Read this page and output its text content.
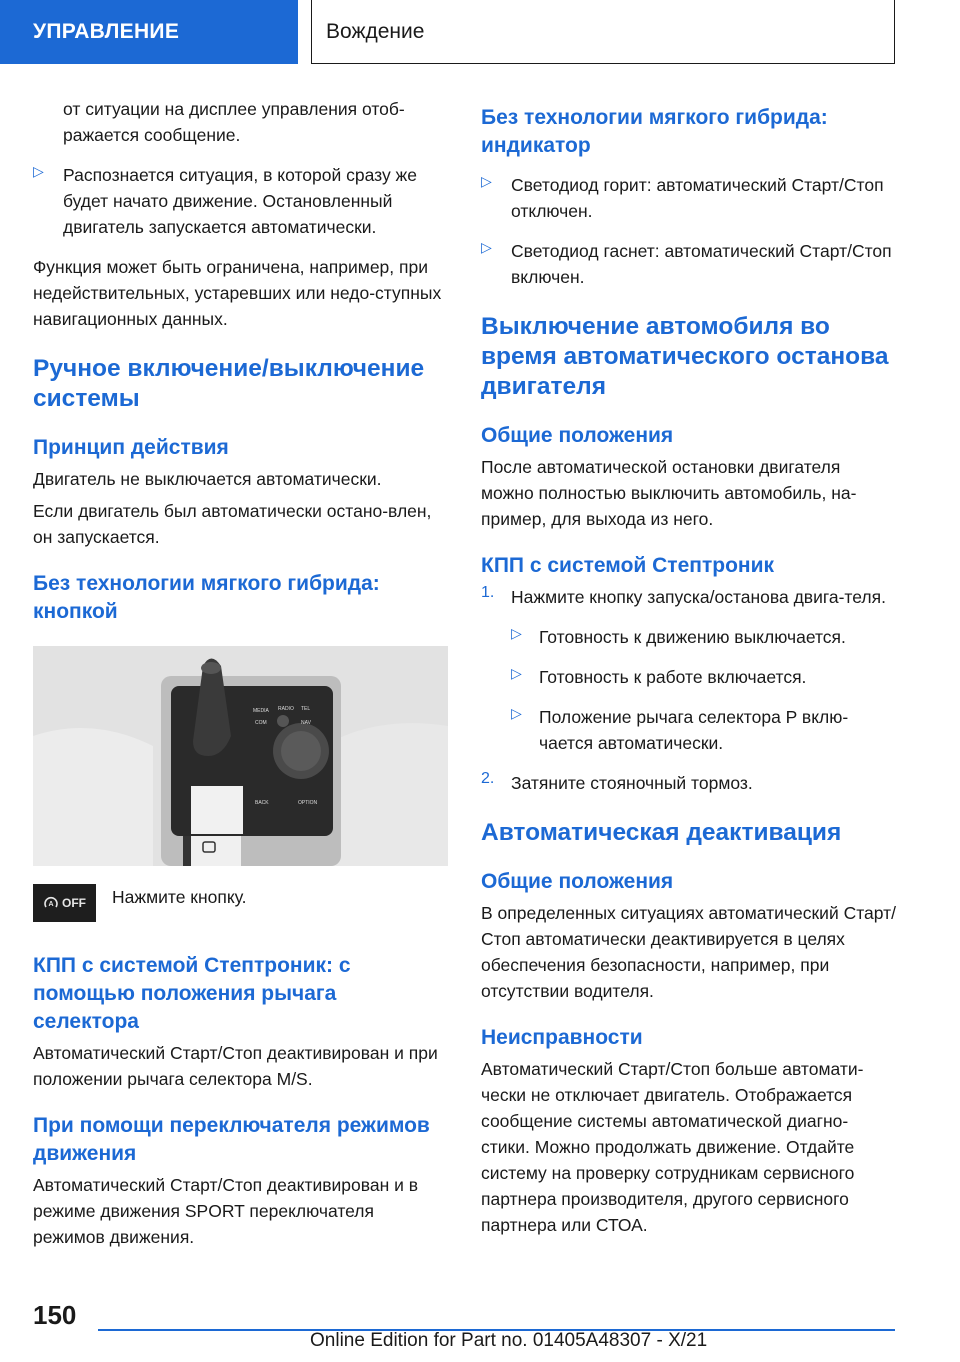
УПРАВЛЕНИЕ	Вождение

от ситуации на дисплее управления отоб-ражается сообщение.

▷ Распознается ситуация, в которой сразу же будет начато движение. Остановленный двигатель запускается автоматически.

Функция может быть ограничена, например, при недействительных, устаревших или недо-ступных навигационных данных.

Ручное включение/выключение системы
Принцип действия

Двигатель не выключается автоматически.

Если двигатель был автоматически остано-влен, он запускается.

Без технологии мягкого гибрида: кнопкой
MEDIA RADIO TEL
COM	NAV
BACK	OPTION
A OFF Нажмите кнопку.

КПП с системой Стептроник: с помощью положения рычага селектора

Автоматический Старт/Стоп деактивирован и при положении рычага селектора M/S.

При помощи переключателя режимов движения

Автоматический Старт/Стоп деактивирован и в режиме движения SPORT переключателя режимов движения.

Без технологии мягкого гибрида: индикатор
▷ Светодиод горит: автоматический Старт/Стоп отключен.

▷ Светодиод гаснет: автоматический Старт/Стоп включен.

Выключение автомобиля во время автоматического останова двигателя
Общие положения

После автоматической остановки двигателя можно полностью выключить автомобиль, на-пример, для выхода из него.

КПП с системой Стептроник
1. Нажмите кнопку запуска/останова двига-теля.

▷ Готовность к движению выключается.

▷ Готовность к работе включается.

▷ Положение рычага селектора P вклю-чается автоматически.

2. Затяните стояночный тормоз.

Автоматическая деактивация
Общие положения

В определенных ситуациях автоматический Старт/Стоп автоматически деактивируется в целях обеспечения безопасности, например, при отсутствии водителя.

Неисправности

Автоматический Старт/Стоп больше автомати-чески не отключает двигатель. Отображается сообщение системы автоматической диагно-стики. Можно продолжать движение. Отдайте систему на проверку сотрудникам сервисного партнера производителя, другого сервисного партнера или СТОА.

150
Online Edition for Part no. 01405A48307 - X/21
